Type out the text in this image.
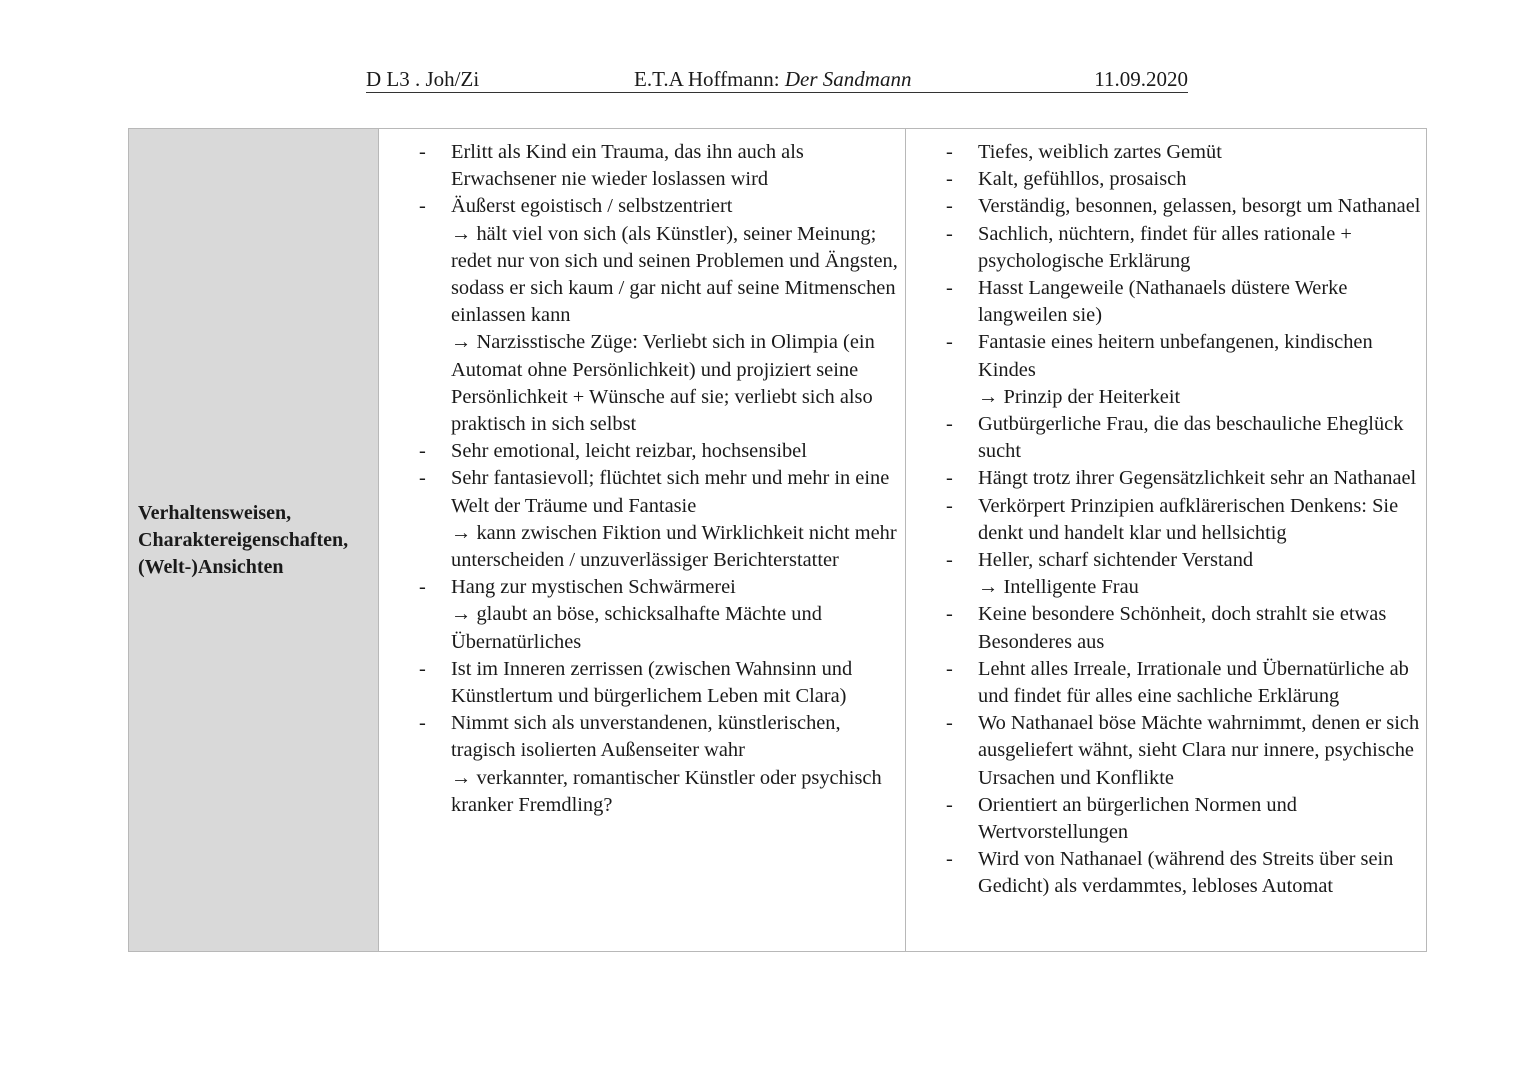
D L3 . Joh/Zi	E.T.A Hoffmann: Der Sandmann	11.09.2020
Verhaltensweisen,
Charaktereigenschaften,
(Welt-)Ansichten

- Erlitt als Kind ein Trauma, das ihn auch als Erwachsener nie wieder loslassen wird
- Äußerst egoistisch / selbstzentriert
→ hält viel von sich (als Künstler), seiner Meinung; redet nur von sich und seinen Problemen und Ängsten, sodass er sich kaum / gar nicht auf seine Mitmenschen einlassen kann
→ Narzisstische Züge: Verliebt sich in Olimpia (ein Automat ohne Persönlichkeit) und projiziert seine Persönlichkeit + Wünsche auf sie; verliebt sich also praktisch in sich selbst
- Sehr emotional, leicht reizbar, hochsensibel
- Sehr fantasievoll; flüchtet sich mehr und mehr in eine Welt der Träume und Fantasie
→ kann zwischen Fiktion und Wirklichkeit nicht mehr unterscheiden / unzuverlässiger Berichterstatter
- Hang zur mystischen Schwärmerei
→ glaubt an böse, schicksalhafte Mächte und Übernatürliches
- Ist im Inneren zerrissen (zwischen Wahnsinn und Künstlertum und bürgerlichem Leben mit Clara)
- Nimmt sich als unverstandenen, künstlerischen, tragisch isolierten Außenseiter wahr
→ verkannter, romantischer Künstler oder psychisch kranker Fremdling?

- Tiefes, weiblich zartes Gemüt
- Kalt, gefühllos, prosaisch
- Verständig, besonnen, gelassen, besorgt um Nathanael
- Sachlich, nüchtern, findet für alles rationale + psychologische Erklärung
- Hasst Langeweile (Nathanaels düstere Werke langweilen sie)
- Fantasie eines heitern unbefangenen, kindischen Kindes
→ Prinzip der Heiterkeit
- Gutbürgerliche Frau, die das beschauliche Eheglück sucht
- Hängt trotz ihrer Gegensätzlichkeit sehr an Nathanael
- Verkörpert Prinzipien aufklärerischen Denkens: Sie denkt und handelt klar und hellsichtig
- Heller, scharf sichtender Verstand
→ Intelligente Frau
- Keine besondere Schönheit, doch strahlt sie etwas Besonderes aus
- Lehnt alles Irreale, Irrationale und Übernatürliche ab und findet für alles eine sachliche Erklärung
- Wo Nathanael böse Mächte wahrnimmt, denen er sich ausgeliefert wähnt, sieht Clara nur innere, psychische Ursachen und Konflikte
- Orientiert an bürgerlichen Normen und Wertvorstellungen
- Wird von Nathanael (während des Streits über sein Gedicht) als verdammtes, lebloses Automat
